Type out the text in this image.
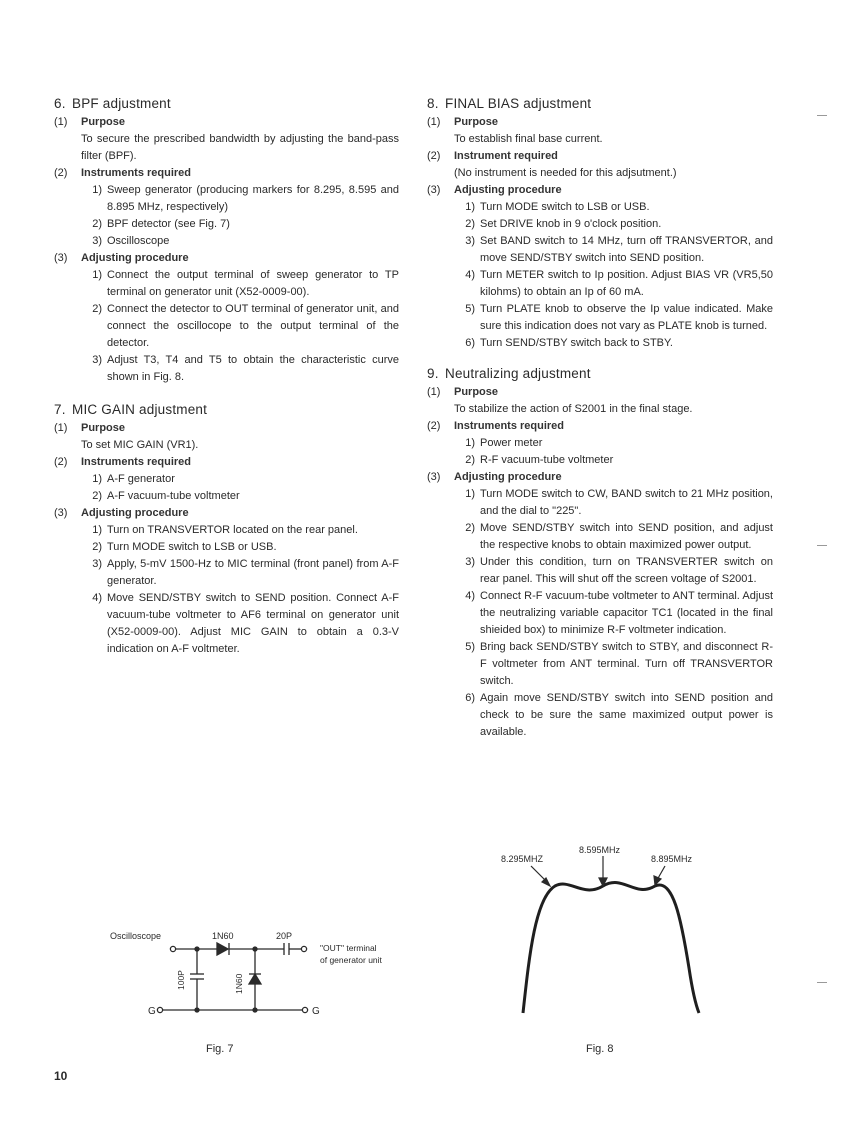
6. BPF adjustment
(1)	Purpose
To secure the prescribed bandwidth by adjusting the band-pass filter (BPF).
(2)	Instruments required
1) Sweep generator (producing markers for 8.295, 8.595 and 8.895 MHz, respectively)
2) BPF detector (see Fig. 7)
3) Oscilloscope
(3)	Adjusting procedure
1) Connect the output terminal of sweep generator to TP terminal on generator unit (X52-0009-00).
2) Connect the detector to OUT terminal of generator unit, and connect the oscillocope to the output terminal of the detector.
3) Adjust T3, T4 and T5 to obtain the characteristic curve shown in Fig. 8.
7. MIC GAIN adjustment
(1)	Purpose
To set MIC GAIN (VR1).
(2)	Instruments required
1) A-F generator
2) A-F vacuum-tube voltmeter
(3)	Adjusting procedure
1) Turn on TRANSVERTOR located on the rear panel.
2) Turn MODE switch to LSB or USB.
3) Apply, 5-mV 1500-Hz to MIC terminal (front panel) from A-F generator.
4) Move SEND/STBY switch to SEND position. Connect A-F vacuum-tube voltmeter to AF6 terminal on generator unit (X52-0009-00). Adjust MIC GAIN to obtain a 0.3-V indication on A-F voltmeter.
8. FINAL BIAS adjustment
(1)	Purpose
To establish final base current.
(2)	Instrument required
(No instrument is needed for this adjsutment.)
(3)	Adjusting procedure
1) Turn MODE switch to LSB or USB.
2) Set DRIVE knob in 9 o'clock position.
3) Set BAND switch to 14 MHz, turn off TRANSVERTOR, and move SEND/STBY switch into SEND position.
4) Turn METER switch to Ip position. Adjust BIAS VR (VR5,50 kilohms) to obtain an Ip of 60 mA.
5) Turn PLATE knob to observe the Ip value indicated. Make sure this indication does not vary as PLATE knob is turned.
6) Turn SEND/STBY switch back to STBY.
9. Neutralizing adjustment
(1)	Purpose
To stabilize the action of S2001 in the final stage.
(2)	Instruments required
1) Power meter
2) R-F vacuum-tube voltmeter
(3)	Adjusting procedure
1) Turn MODE switch to CW, BAND switch to 21 MHz position, and the dial to "225".
2) Move SEND/STBY switch into SEND position, and adjust the respective knobs to obtain maximized power output.
3) Under this condition, turn on TRANSVERTER switch on rear panel. This will shut off the screen voltage of S2001.
4) Connect R-F vacuum-tube voltmeter to ANT terminal. Adjust the neutralizing variable capacitor TC1 (located in the final shieided box) to minimize R-F voltmeter indication.
5) Bring back SEND/STBY switch to STBY, and disconnect R-F voltmeter from ANT terminal. Turn off TRANSVERTOR switch.
6) Again move SEND/STBY switch into SEND position and check to be sure the same maximized output power is available.
Oscilloscope	1N60	20P
"OUT" terminal
of generator unit
100P	1N60
G	G
Fig. 7
8.295MHZ
8.595MHz
8.895MHz
Fig. 8
10
